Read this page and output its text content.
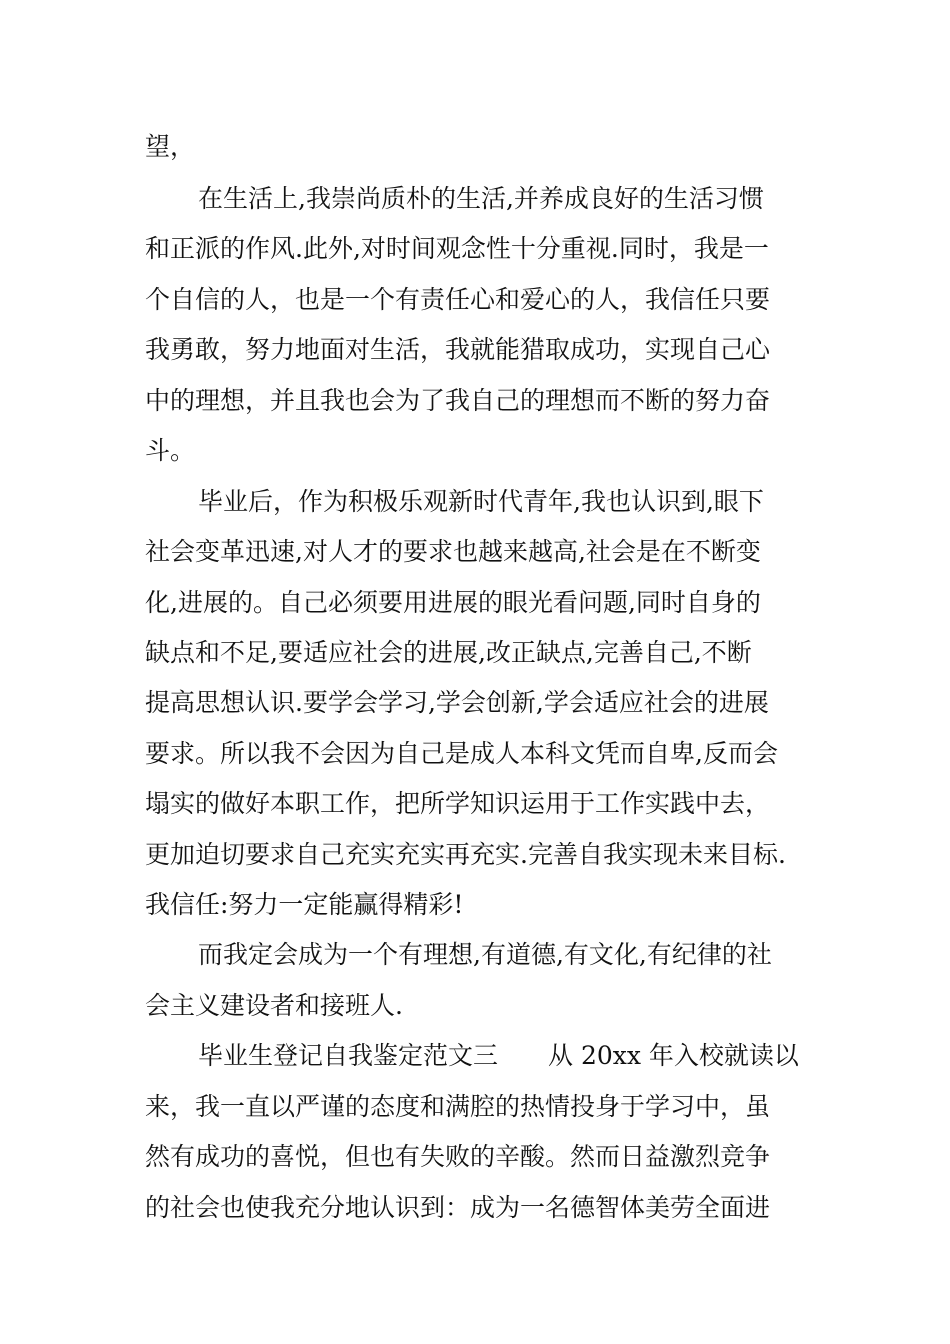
望，
在生活上,我崇尚质朴的生活,并养成良好的生活习惯
和正派的作风.此外,对时间观念性十分重视.同时，我是一
个自信的人，也是一个有责任心和爱心的人，我信任只要
我勇敢，努力地面对生活，我就能猎取成功，实现自己心
中的理想，并且我也会为了我自己的理想而不断的努力奋
斗。
毕业后，作为积极乐观新时代青年,我也认识到,眼下
社会变革迅速,对人才的要求也越来越高,社会是在不断变
化,进展的。自己必须要用进展的眼光看问题,同时自身的
缺点和不足,要适应社会的进展,改正缺点,完善自己,不断
提高思想认识.要学会学习,学会创新,学会适应社会的进展
要求。所以我不会因为自己是成人本科文凭而自卑,反而会
塌实的做好本职工作，把所学知识运用于工作实践中去，
更加迫切要求自己充实充实再充实.完善自我实现未来目标.
我信任:努力一定能赢得精彩!
而我定会成为一个有理想,有道德,有文化,有纪律的社
会主义建设者和接班人.
毕业生登记自我鉴定范文三　　从 20xx 年入校就读以
来，我一直以严谨的态度和满腔的热情投身于学习中，虽
然有成功的喜悦，但也有失败的辛酸。然而日益激烈竞争
的社会也使我充分地认识到：成为一名德智体美劳全面进
